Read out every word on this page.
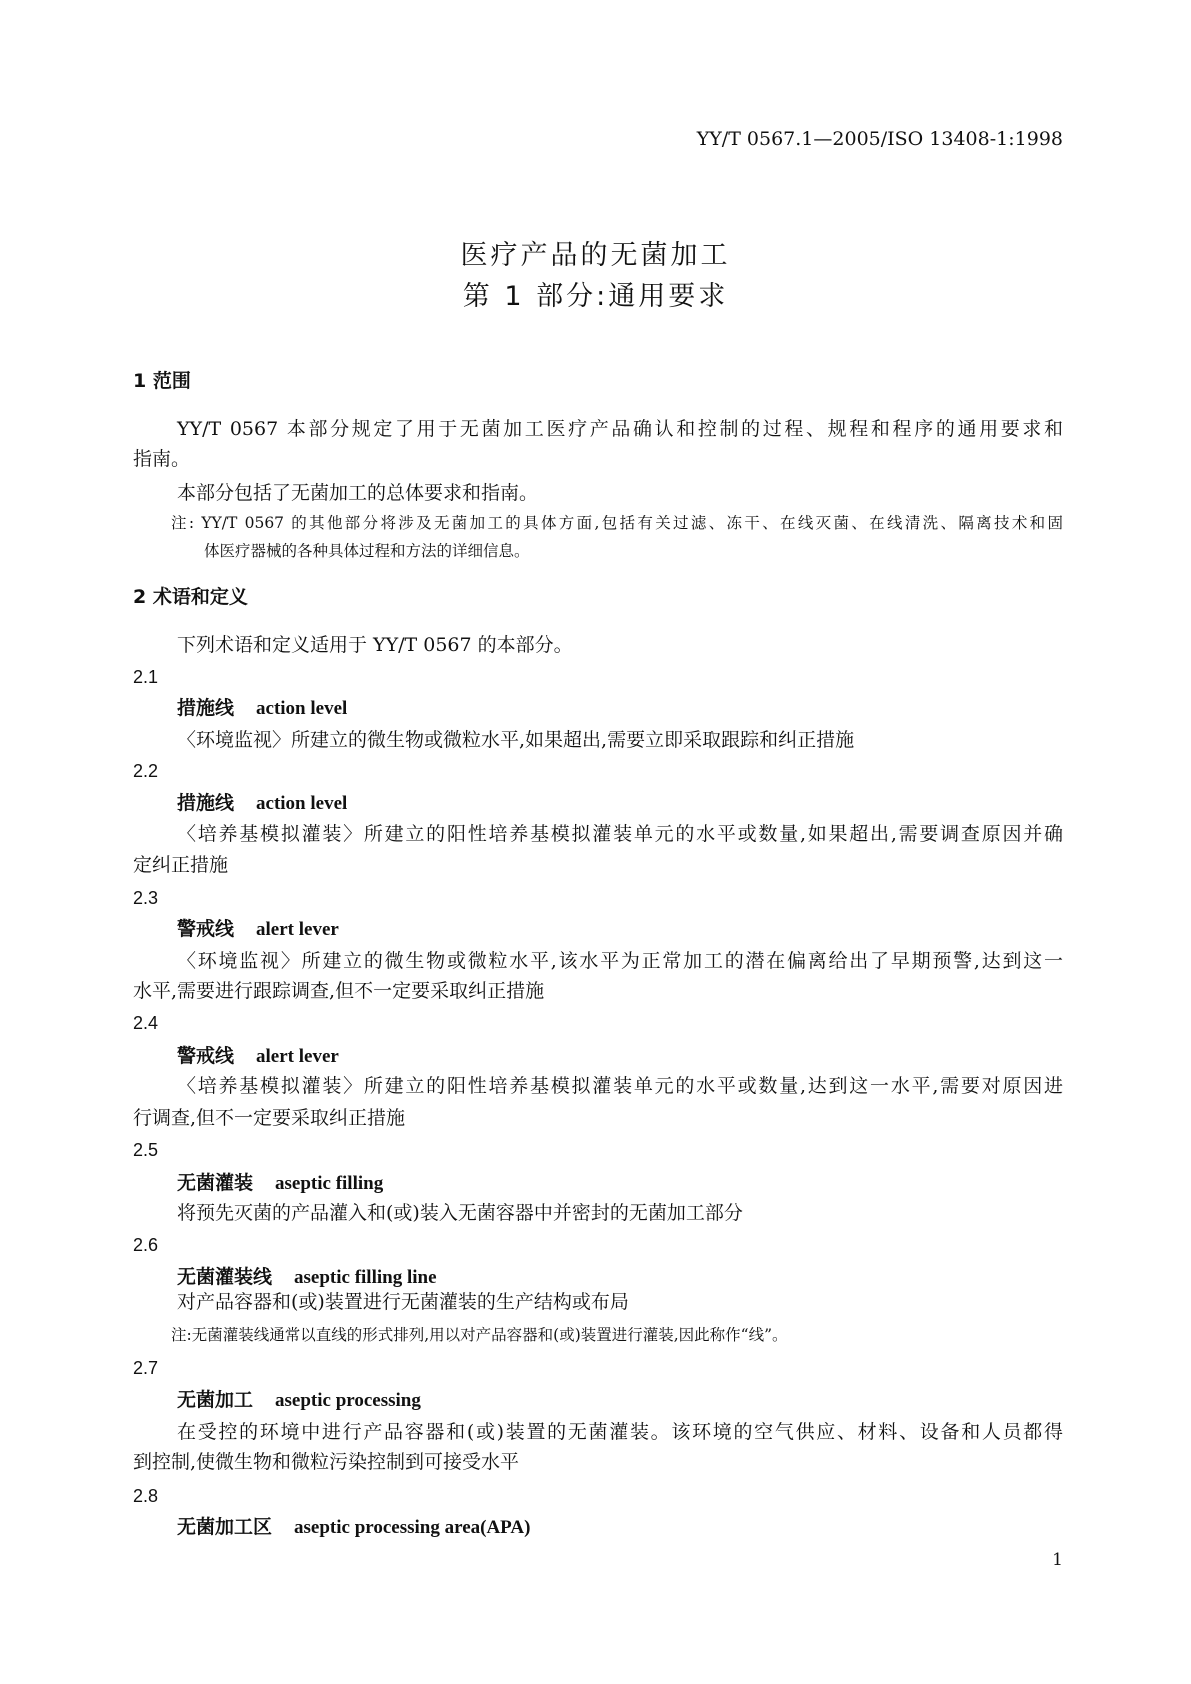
YY/T 0567.1—2005/ISO 13408-1:1998
医疗产品的无菌加工
第 1 部分:通用要求
1 范围
YY/T 0567 本部分规定了用于无菌加工医疗产品确认和控制的过程、规程和程序的通用要求和
指南。
本部分包括了无菌加工的总体要求和指南。
注: YY/T 0567 的其他部分将涉及无菌加工的具体方面,包括有关过滤、冻干、在线灭菌、在线清洗、隔离技术和固
体医疗器械的各种具体过程和方法的详细信息。
2 术语和定义
下列术语和定义适用于 YY/T 0567 的本部分。
2.1
措施线 action level
〈环境监视〉所建立的微生物或微粒水平,如果超出,需要立即采取跟踪和纠正措施
2.2
措施线 action level
〈培养基模拟灌装〉所建立的阳性培养基模拟灌装单元的水平或数量,如果超出,需要调查原因并确
定纠正措施
2.3
警戒线 alert lever
〈环境监视〉所建立的微生物或微粒水平,该水平为正常加工的潜在偏离给出了早期预警,达到这一
水平,需要进行跟踪调查,但不一定要采取纠正措施
2.4
警戒线 alert lever
〈培养基模拟灌装〉所建立的阳性培养基模拟灌装单元的水平或数量,达到这一水平,需要对原因进
行调查,但不一定要采取纠正措施
2.5
无菌灌装 aseptic filling
将预先灭菌的产品灌入和(或)装入无菌容器中并密封的无菌加工部分
2.6
无菌灌装线 aseptic filling line
对产品容器和(或)装置进行无菌灌装的生产结构或布局
注:无菌灌装线通常以直线的形式排列,用以对产品容器和(或)装置进行灌装,因此称作“线”。
2.7
无菌加工 aseptic processing
在受控的环境中进行产品容器和(或)装置的无菌灌装。该环境的空气供应、材料、设备和人员都得
到控制,使微生物和微粒污染控制到可接受水平
2.8
无菌加工区 aseptic processing area(APA)
1
